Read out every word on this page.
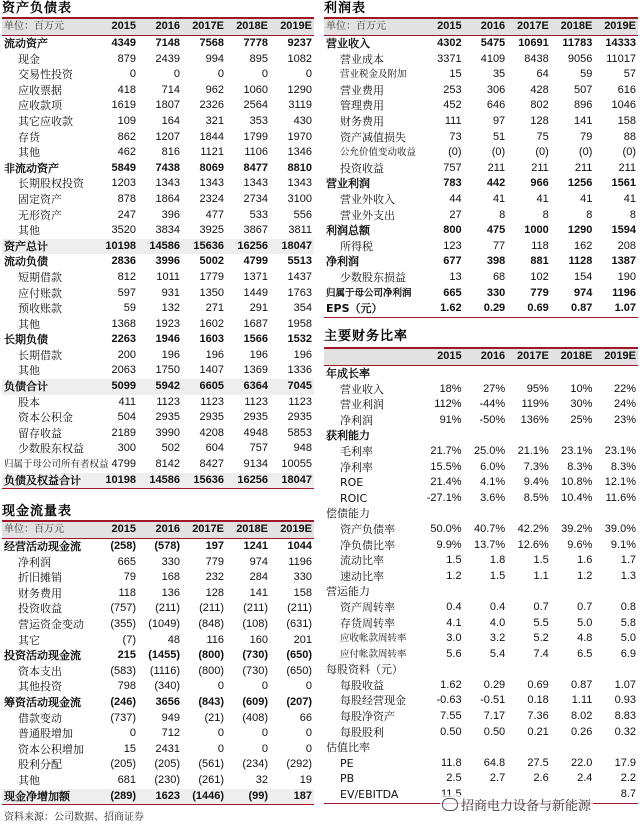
资产负债表
单位：百万元	2015	2016	2017E	2018E	2019E
流动资产	4349	7148	7568	7778	9237
现金	879	2439	994	895	1082
交易性投资	0	0	0	0	0
应收票据	418	714	962	1060	1290
应收款项	1619	1807	2326	2564	3119
其它应收款	109	164	321	353	430
存货	862	1207	1844	1799	1970
其他	462	816	1121	1106	1346
非流动资产	5849	7438	8069	8477	8810
长期股权投资	1203	1343	1343	1343	1343
固定资产	878	1864	2324	2734	3100
无形资产	247	396	477	533	556
其他	3520	3834	3925	3867	3811
资产总计	10198	14586	15636	16256	18047
流动负债	2836	3996	5002	4799	5513
短期借款	812	1011	1779	1371	1437
应付账款	597	931	1350	1449	1763
预收账款	59	132	271	291	354
其他	1368	1923	1602	1687	1958
长期负债	2263	1946	1603	1566	1532
长期借款	200	196	196	196	196
其他	2063	1750	1407	1369	1336
负债合计	5099	5942	6605	6364	7045
股本	411	1123	1123	1123	1123
资本公积金	504	2935	2935	2935	2935
留存收益	2189	3990	4208	4948	5853
少数股东权益	300	502	604	757	948
归属于母公司所有者权益	4799	8142	8427	9134	10055
负债及权益合计	10198	14586	15636	16256	18047
现金流量表
单位：百万元	2015	2016	2017E	2018E	2019E
经营活动现金流	(258)	(578)	197	1241	1044
净利润	665	330	779	974	1196
折旧摊销	79	168	232	284	330
财务费用	118	136	128	141	158
投资收益	(757)	(211)	(211)	(211)	(211)
营运资金变动	(355)	(1049)	(848)	(108)	(631)
其它	(7)	48	116	160	201
投资活动现金流	215	(1455)	(800)	(730)	(650)
资本支出	(583)	(1116)	(800)	(730)	(650)
其他投资	798	(340)	0	0	0
筹资活动现金流	(246)	3656	(843)	(609)	(207)
借款变动	(737)	949	(21)	(408)	66
普通股增加	0	712	0	0	0
资本公积增加	15	2431	0	0	0
股利分配	(205)	(205)	(561)	(234)	(292)
其他	681	(230)	(261)	32	19
现金净增加额	(289)	1623	(1446)	(99)	187
利润表
单位：百万元	2015	2016	2017E	2018E	2019E
营业收入	4302	5475	10691	11783	14333
营业成本	3371	4109	8438	9056	11017
营业税金及附加	15	35	64	59	57
营业费用	253	306	428	507	616
管理费用	452	646	802	896	1046
财务费用	111	97	128	141	158
资产减值损失	73	51	75	79	88
公允价值变动收益	(0)	(0)	(0)	(0)	(0)
投资收益	757	211	211	211	211
营业利润	783	442	966	1256	1561
营业外收入	44	41	41	41	41
营业外支出	27	8	8	8	8
利润总额	800	475	1000	1290	1594
所得税	123	77	118	162	208
净利润	677	398	881	1128	1387
少数股东损益	13	68	102	154	190
归属于母公司净利润	665	330	779	974	1196
EPS（元）	1.62	0.29	0.69	0.87	1.07
主要财务比率
	2015	2016	2017E	2018E	2019E
年成长率					
营业收入	18%	27%	95%	10%	22%
营业利润	112%	-44%	119%	30%	24%
净利润	91%	-50%	136%	25%	23%
获利能力					
毛利率	21.7%	25.0%	21.1%	23.1%	23.1%
净利率	15.5%	6.0%	7.3%	8.3%	8.3%
ROE	21.4%	4.1%	9.4%	10.8%	12.1%
ROIC	-27.1%	3.6%	8.5%	10.4%	11.6%
偿债能力					
资产负债率	50.0%	40.7%	42.2%	39.2%	39.0%
净负债比率	9.9%	13.7%	12.6%	9.6%	9.1%
流动比率	1.5	1.8	1.5	1.6	1.7
速动比率	1.2	1.5	1.1	1.2	1.3
营运能力					
资产周转率	0.4	0.4	0.7	0.7	0.8
存货周转率	4.1	4.0	5.5	5.0	5.8
应收帐款周转率	3.0	3.2	5.2	4.8	5.0
应付帐款周转率	5.6	5.4	7.4	6.5	6.9
每股资料（元）					
每股收益	1.62	0.29	0.69	0.87	1.07
每股经营现金	-0.63	-0.51	0.18	1.11	0.93
每股净资产	7.55	7.17	7.36	8.02	8.83
每股股利	0.50	0.50	0.21	0.26	0.32
估值比率					
PE	11.8	64.8	27.5	22.0	17.9
PB	2.5	2.7	2.6	2.4	2.2
EV/EBITDA					8.7
资料来源：公司数据、招商证券
招商电力设备与新能源
